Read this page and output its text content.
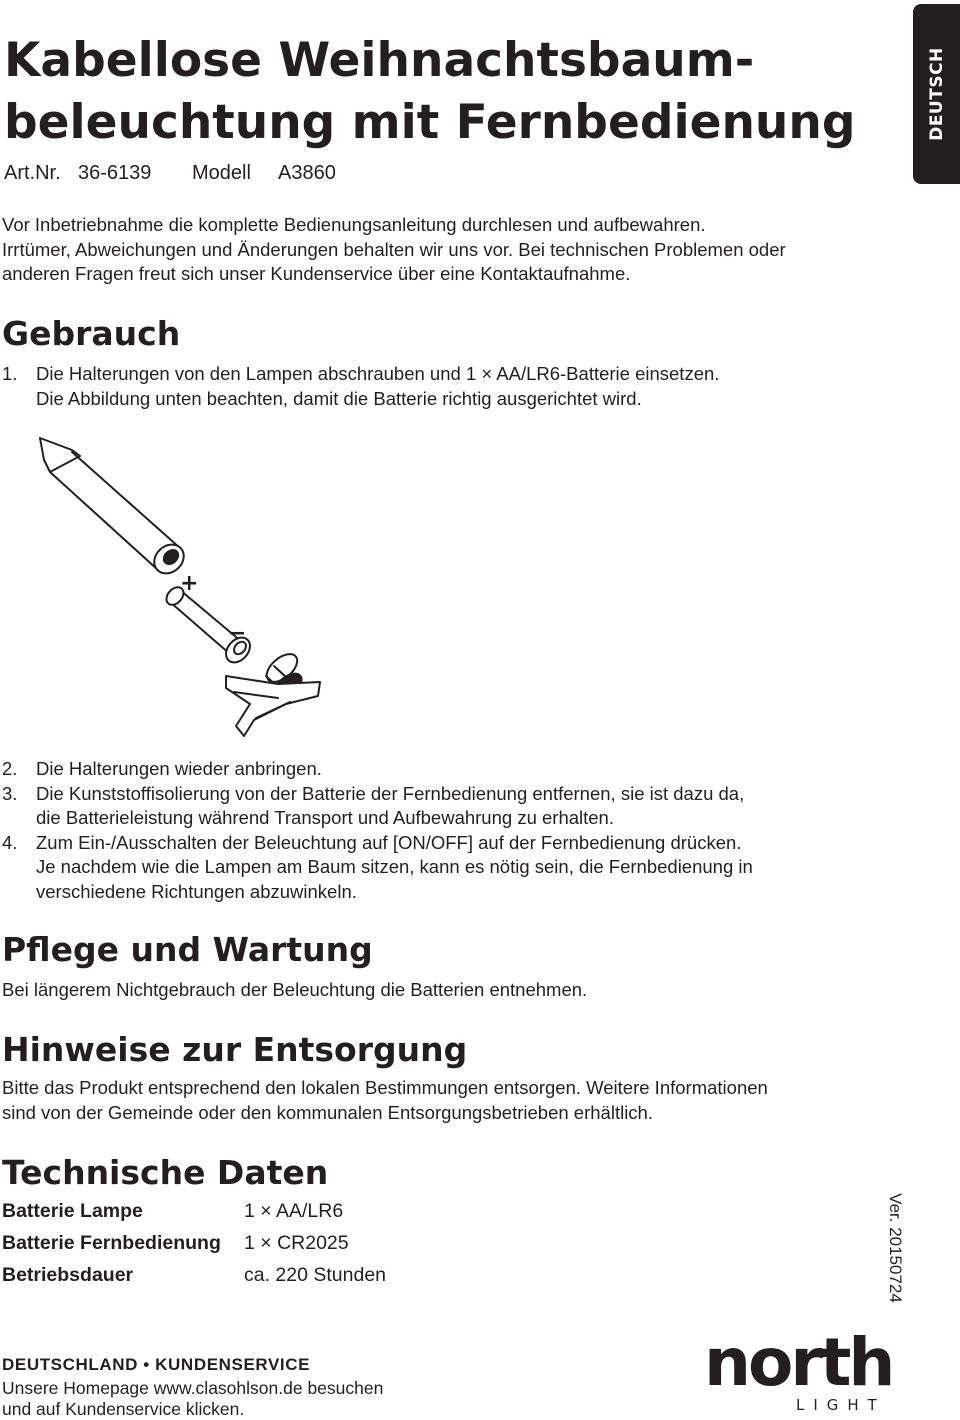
Kabellose Weihnachtsbaum-
beleuchtung mit Fernbedienung	DEUTSCH
Art.Nr. 36-6139 Modell A3860

Vor Inbetriebnahme die komplette Bedienungsanleitung durchlesen und aufbewahren.

Irrtümer, Abweichungen und Änderungen behalten wir uns vor. Bei technischen Problemen oder

anderen Fragen freut sich unser Kundenservice über eine Kontaktaufnahme.

Gebrauch
1. Die Halterungen von den Lampen abschrauben und 1 × AA/LR6-Batterie einsetzen.
Die Abbildung unten beachten, damit die Batterie richtig ausgerichtet wird.
+
−
2. Die Halterungen wieder anbringen.
3. Die Kunststoffisolierung von der Batterie der Fernbedienung entfernen, sie ist dazu da,
die Batterieleistung während Transport und Aufbewahrung zu erhalten.
4. Zum Ein-/Ausschalten der Beleuchtung auf [ON/OFF] auf der Fernbedienung drücken.
Je nachdem wie die Lampen am Baum sitzen, kann es nötig sein, die Fernbedienung in
verschiedene Richtungen abzuwinkeln.
Pflege und Wartung
Bei längerem Nichtgebrauch der Beleuchtung die Batterien entnehmen.
Hinweise zur Entsorgung

Bitte das Produkt entsprechend den lokalen Bestimmungen entsorgen. Weitere Informationen

sind von der Gemeinde oder den kommunalen Entsorgungsbetrieben erhältlich.

Technische Daten
Batterie Lampe	1 × AA/LR6
Batterie Fernbedienung	1 × CR2025
Betriebsdauer	ca. 220 Stunden	Ver. 20150724
DEUTSCHLAND • KUNDENSERVICE

Unsere Homepage www.clasohlson.de besuchen

und auf Kundenservice klicken.

north
LIGHT
